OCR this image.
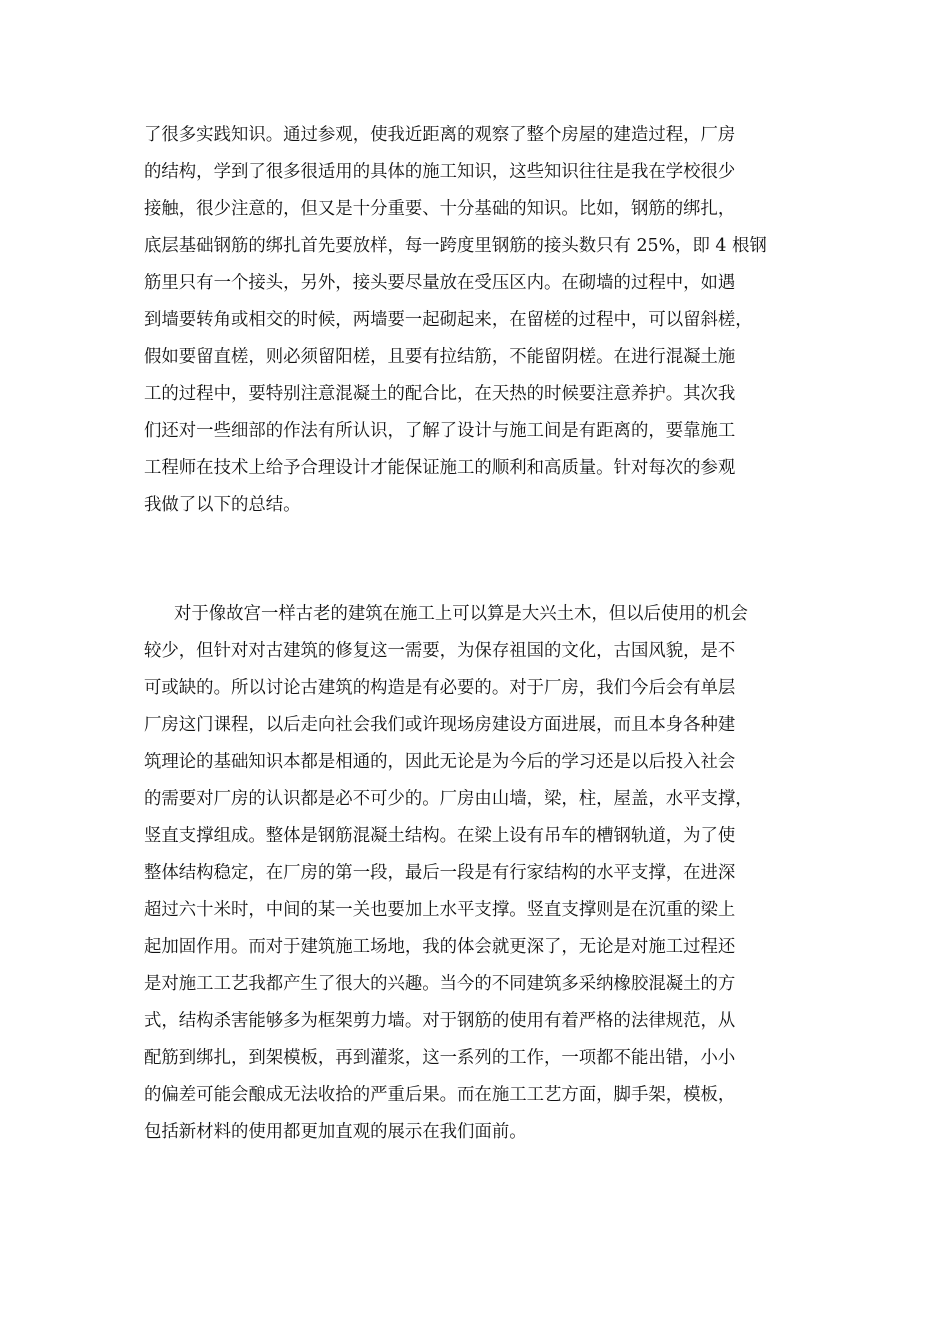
了很多实践知识。通过参观，使我近距离的观察了整个房屋的建造过程，厂房

的结构，学到了很多很适用的具体的施工知识，这些知识往往是我在学校很少

接触，很少注意的，但又是十分重要、十分基础的知识。比如，钢筋的绑扎，

底层基础钢筋的绑扎首先要放样，每一跨度里钢筋的接头数只有 25%，即 4 根钢

筋里只有一个接头，另外，接头要尽量放在受压区内。在砌墙的过程中，如遇

到墙要转角或相交的时候，两墙要一起砌起来，在留槎的过程中，可以留斜槎，

假如要留直槎，则必须留阳槎，且要有拉结筋，不能留阴槎。在进行混凝土施

工的过程中，要特别注意混凝土的配合比，在天热的时候要注意养护。其次我

们还对一些细部的作法有所认识，了解了设计与施工间是有距离的，要靠施工

工程师在技术上给予合理设计才能保证施工的顺利和高质量。针对每次的参观

我做了以下的总结。

对于像故宫一样古老的建筑在施工上可以算是大兴土木，但以后使用的机会

较少，但针对对古建筑的修复这一需要，为保存祖国的文化，古国风貌，是不

可或缺的。所以讨论古建筑的构造是有必要的。对于厂房，我们今后会有单层

厂房这门课程，以后走向社会我们或许现场房建设方面进展，而且本身各种建

筑理论的基础知识本都是相通的，因此无论是为今后的学习还是以后投入社会

的需要对厂房的认识都是必不可少的。厂房由山墙，梁，柱，屋盖，水平支撑，

竖直支撑组成。整体是钢筋混凝土结构。在梁上设有吊车的槽钢轨道，为了使

整体结构稳定，在厂房的第一段，最后一段是有行家结构的水平支撑，在进深

超过六十米时，中间的某一关也要加上水平支撑。竖直支撑则是在沉重的梁上

起加固作用。而对于建筑施工场地，我的体会就更深了，无论是对施工过程还

是对施工工艺我都产生了很大的兴趣。当今的不同建筑多采纳橡胶混凝土的方

式，结构杀害能够多为框架剪力墙。对于钢筋的使用有着严格的法律规范，从

配筋到绑扎，到架模板，再到灌浆，这一系列的工作，一项都不能出错，小小

的偏差可能会酿成无法收拾的严重后果。而在施工工艺方面，脚手架，模板，

包括新材料的使用都更加直观的展示在我们面前。
